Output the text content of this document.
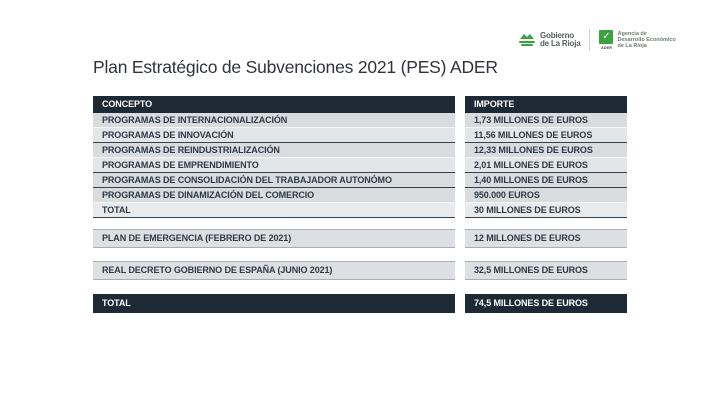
Gobierno
de La Rioja
✓
ADER
Agencia de
Desarrollo Económico
de La Rioja
Plan Estratégico de Subvenciones 2021 (PES) ADER
CONCEPTO	IMPORTE
PROGRAMAS DE INTERNACIONALIZACIÓN	1,73 MILLONES DE EUROS
PROGRAMAS DE INNOVACIÓN	11,56 MILLONES DE EUROS
PROGRAMAS DE REINDUSTRIALIZACIÓN	12,33 MILLONES DE EUROS
PROGRAMAS DE EMPRENDIMIENTO	2,01 MILLONES DE EUROS
PROGRAMAS DE CONSOLIDACIÓN DEL TRABAJADOR AUTONÓMO	1,40 MILLONES DE EUROS
PROGRAMAS DE DINAMIZACIÓN DEL COMERCIO	950.000 EUROS
TOTAL	30 MILLONES DE EUROS
PLAN DE EMERGENCIA (FEBRERO DE 2021)	12 MILLONES DE EUROS
REAL DECRETO GOBIERNO DE ESPAÑA (JUNIO 2021)	32,5 MILLONES DE EUROS
TOTAL	74,5 MILLONES DE EUROS
